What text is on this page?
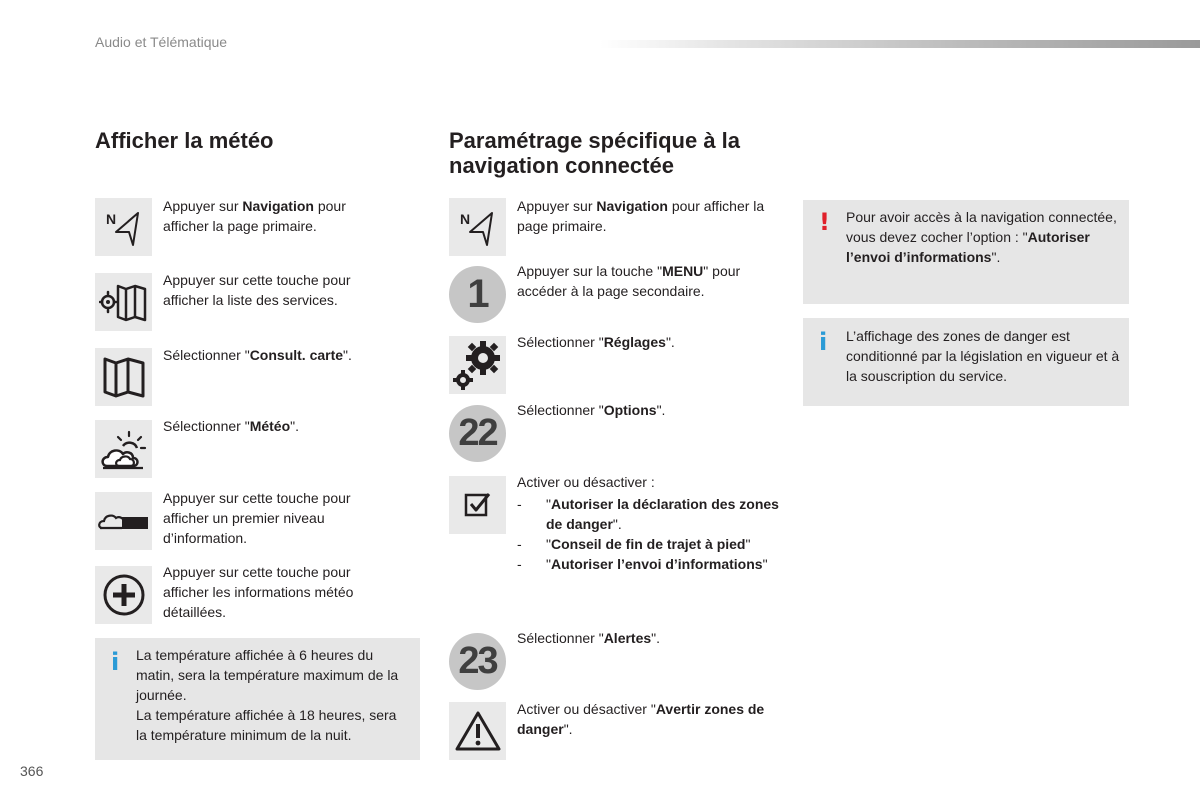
Audio et Télématique
Afficher la météo
N
Appuyer sur Navigation pour afficher la page primaire.
Appuyer sur cette touche pour afficher la liste des services.
Sélectionner "Consult. carte".
Sélectionner "Météo".
Appuyer sur cette touche pour afficher un premier niveau d’information.
Appuyer sur cette touche pour afficher les informations météo détaillées.
i La température affichée à 6 heures du matin, sera la température maximum de la journée.
La température affichée à 18 heures, sera la température minimum de la nuit.
Paramétrage spécifique à la navigation connectée
N
Appuyer sur Navigation pour afficher la page primaire.
1
Appuyer sur la touche "MENU" pour accéder à la page secondaire.
Sélectionner "Réglages".
22
Sélectionner "Options".
Activer ou désactiver :
- "Autoriser la déclaration des zones de danger".
- "Conseil de fin de trajet à pied"
- "Autoriser l’envoi d’informations"
23
Sélectionner "Alertes".
Activer ou désactiver "Avertir zones de danger".
! Pour avoir accès à la navigation connectée, vous devez cocher l’option : "Autoriser l’envoi d’informations".
i L’affichage des zones de danger est conditionné par la législation en vigueur et à la souscription du service.
366
